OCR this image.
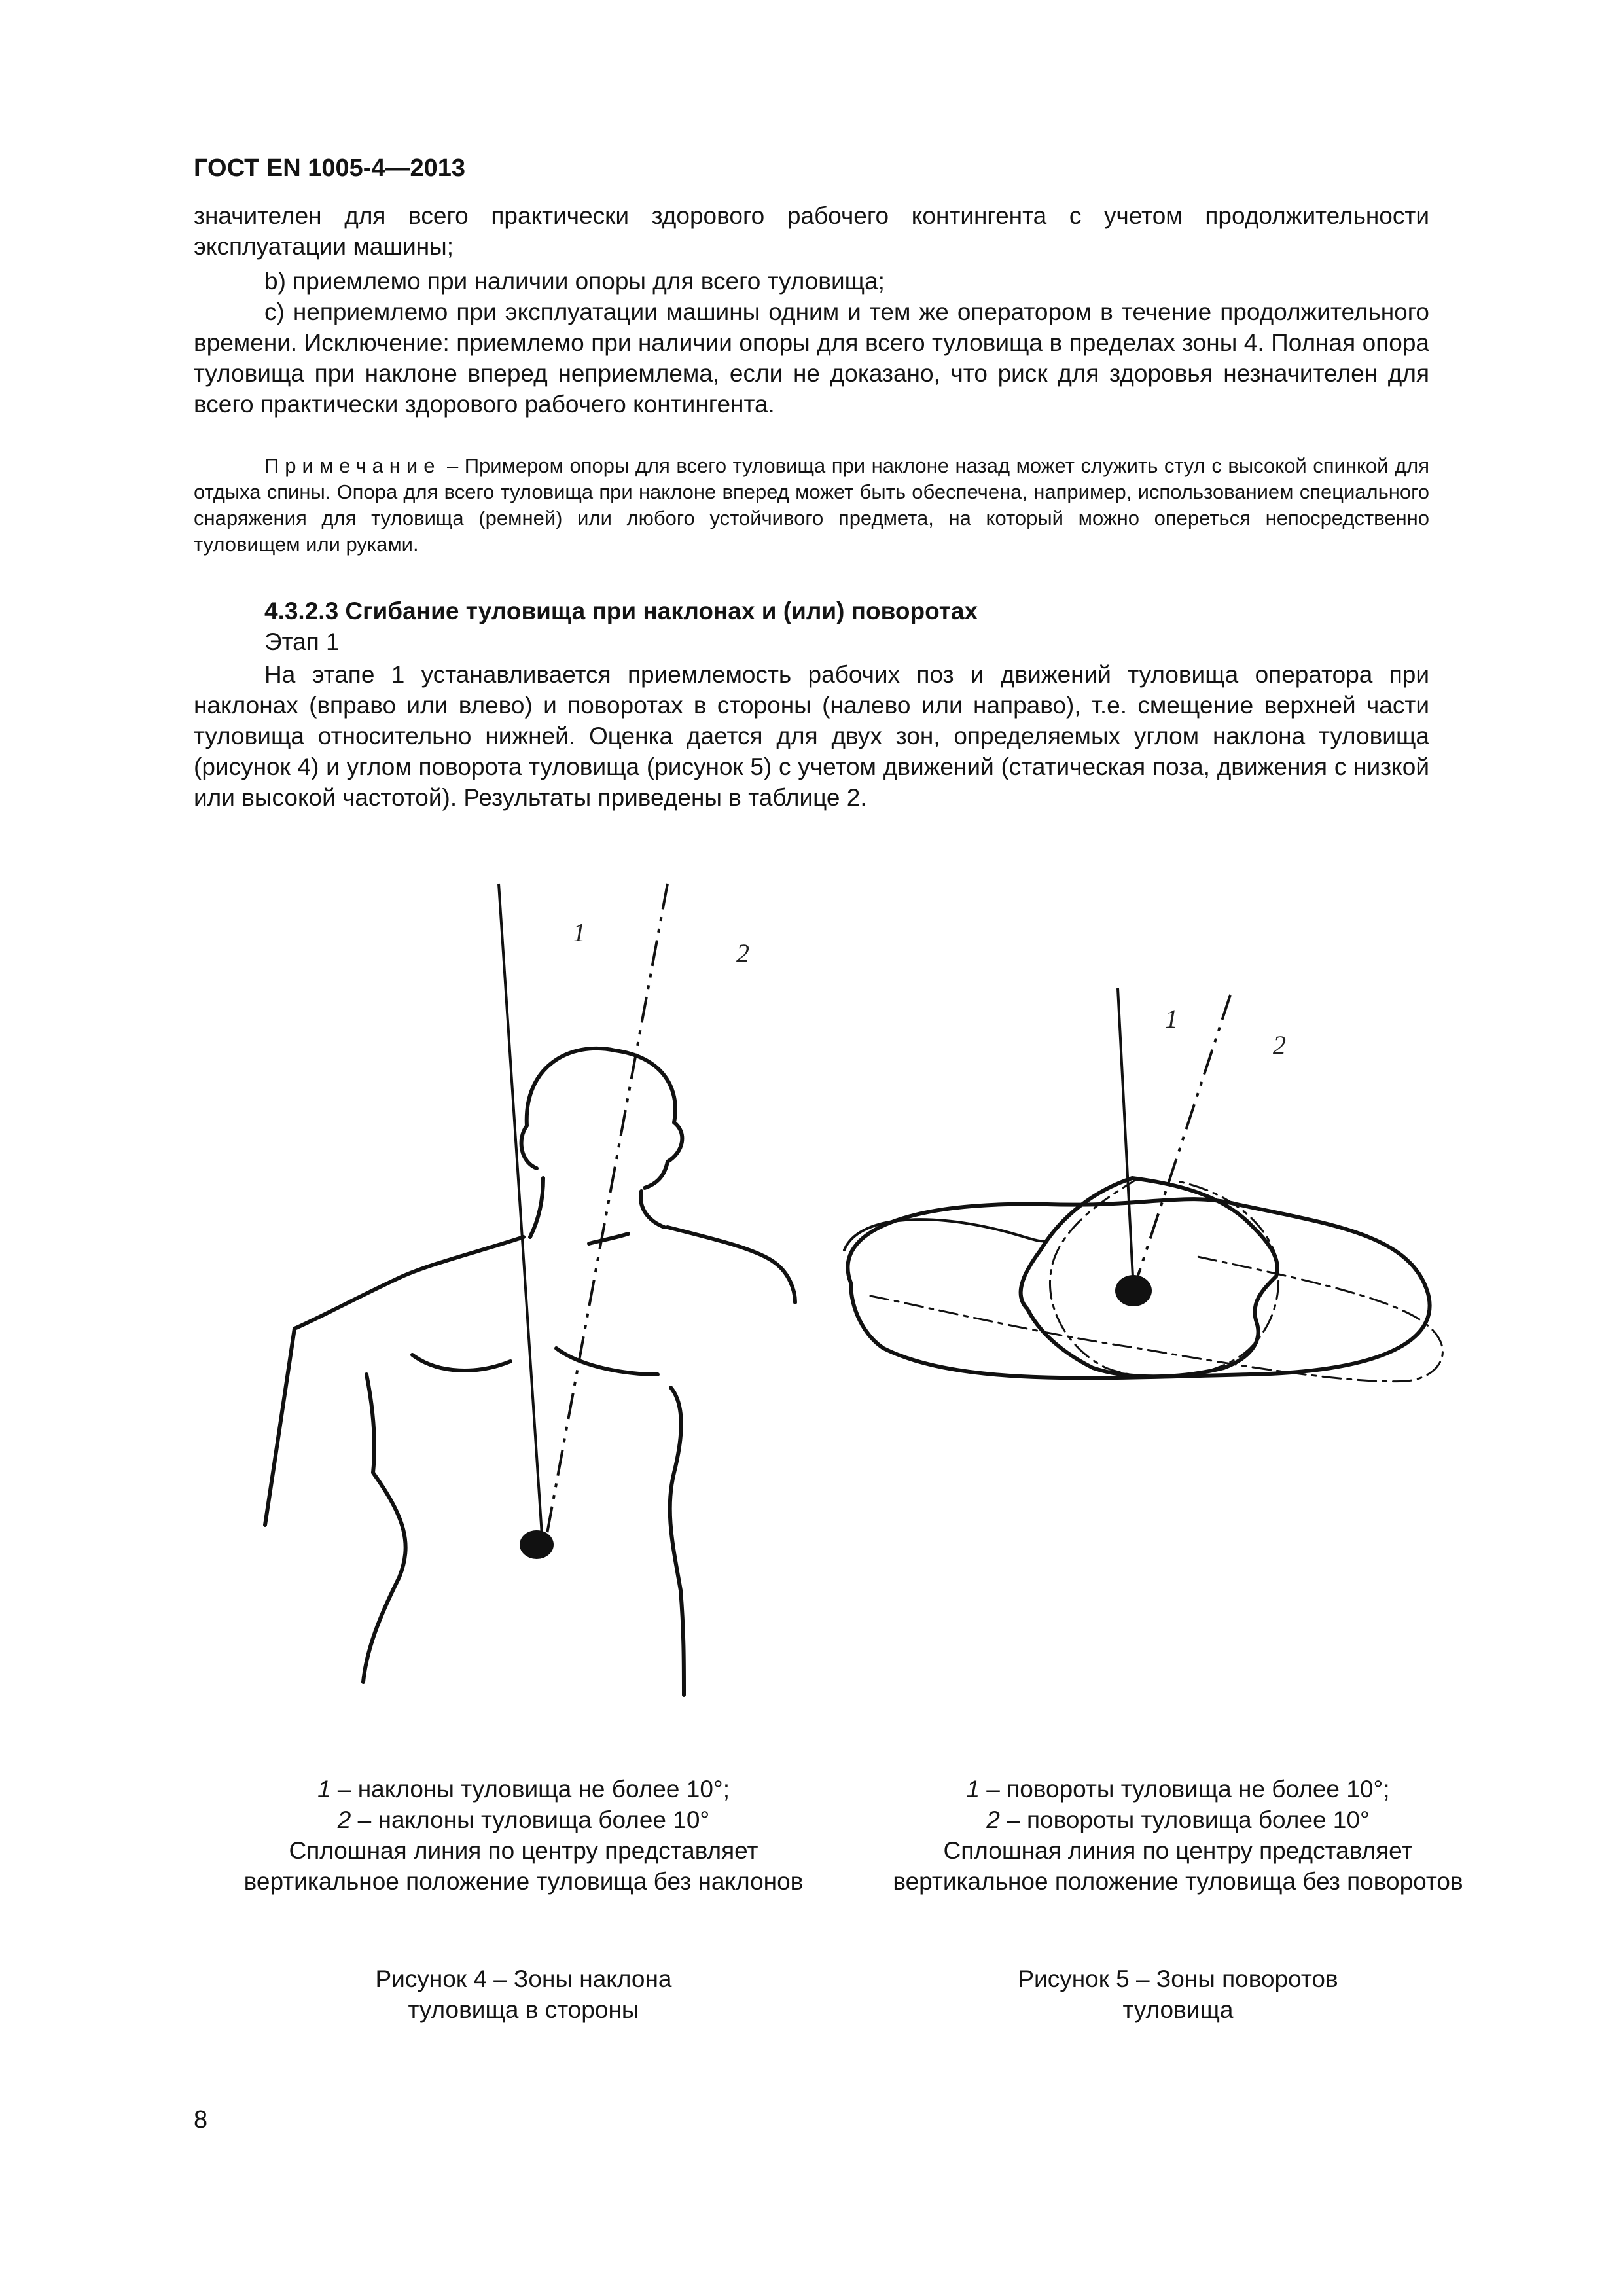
ГОСТ EN 1005-4—2013
значителен для всего практически здорового рабочего контингента с учетом продолжительности эксплуатации машины;
b) приемлемо при наличии опоры для всего туловища;
c) неприемлемо при эксплуатации машины одним и тем же оператором в течение продолжительного времени. Исключение: приемлемо при наличии опоры для всего туловища в пределах зоны 4. Полная опора туловища при наклоне вперед неприемлема, если не доказано, что риск для здоровья незначителен для всего практически здорового рабочего контингента.
Примечание – Примером опоры для всего туловища при наклоне назад может служить стул с высокой спинкой для отдыха спины. Опора для всего туловища при наклоне вперед может быть обеспечена, например, использованием специального снаряжения для туловища (ремней) или любого устойчивого предмета, на который можно опереться непосредственно туловищем или руками.
4.3.2.3 Сгибание туловища при наклонах и (или) поворотах
Этап 1
На этапе 1 устанавливается приемлемость рабочих поз и движений туловища оператора при наклонах (вправо или влево) и поворотах в стороны (налево или направо), т.е. смещение верхней части туловища относительно нижней. Оценка дается для двух зон, определяемых углом наклона туловища (рисунок 4) и углом поворота туловища (рисунок 5) с учетом движений (статическая поза, движения с низкой или высокой частотой). Результаты приведены в таблице 2.
1
2
1
2

1 – наклоны туловища не более 10°;

2 – наклоны туловища более 10°

Сплошная линия по центру представляет вертикальное положение туловища без наклонов

Рисунок 4 – Зоны наклона
туловища в стороны

1 – повороты туловища не более 10°;

2 – повороты туловища более 10°

Сплошная линия по центру представляет вертикальное положение туловища без поворотов

Рисунок 5 – Зоны поворотов
туловища
8
